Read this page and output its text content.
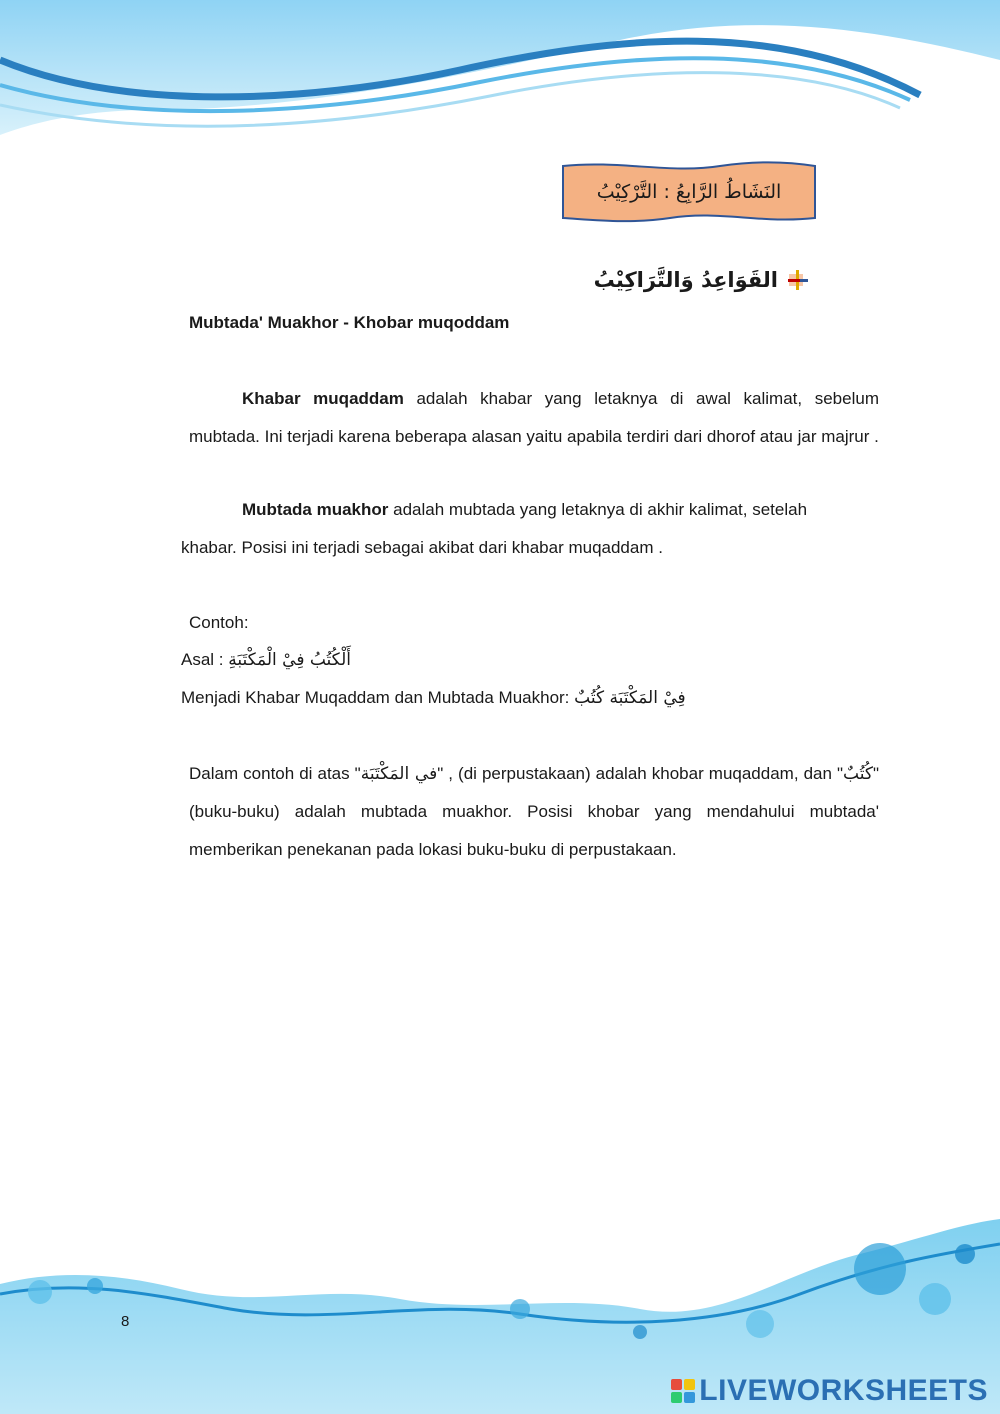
النَشَاطُ الرَّابِعُ : التَّرْكِيْبُ
القَوَاعِدُ وَالتَّرَاكِيْبُ
Mubtada' Muakhor - Khobar muqoddam
Khabar muqaddam adalah khabar yang letaknya di awal kalimat, sebelum mubtada. Ini terjadi karena beberapa alasan yaitu apabila terdiri dari dhorof atau jar majrur .
Mubtada muakhor adalah mubtada yang letaknya di akhir kalimat, setelah
khabar. Posisi ini terjadi sebagai akibat dari khabar muqaddam .
Contoh:
Asal : أَلْكُتُبُ فِيْ الْمَكْتَبَةِ
Menjadi Khabar Muqaddam dan Mubtada Muakhor: فِيْ المَكْتَبَة كُتُبٌ
Dalam contoh di atas "في المَكْتَبَة" , (di perpustakaan) adalah khobar muqaddam, dan "كُتُبٌ" (buku-buku) adalah mubtada muakhor. Posisi khobar yang mendahului mubtada' memberikan penekanan pada lokasi buku-buku di perpustakaan.
8
LIVEWORKSHEETS
